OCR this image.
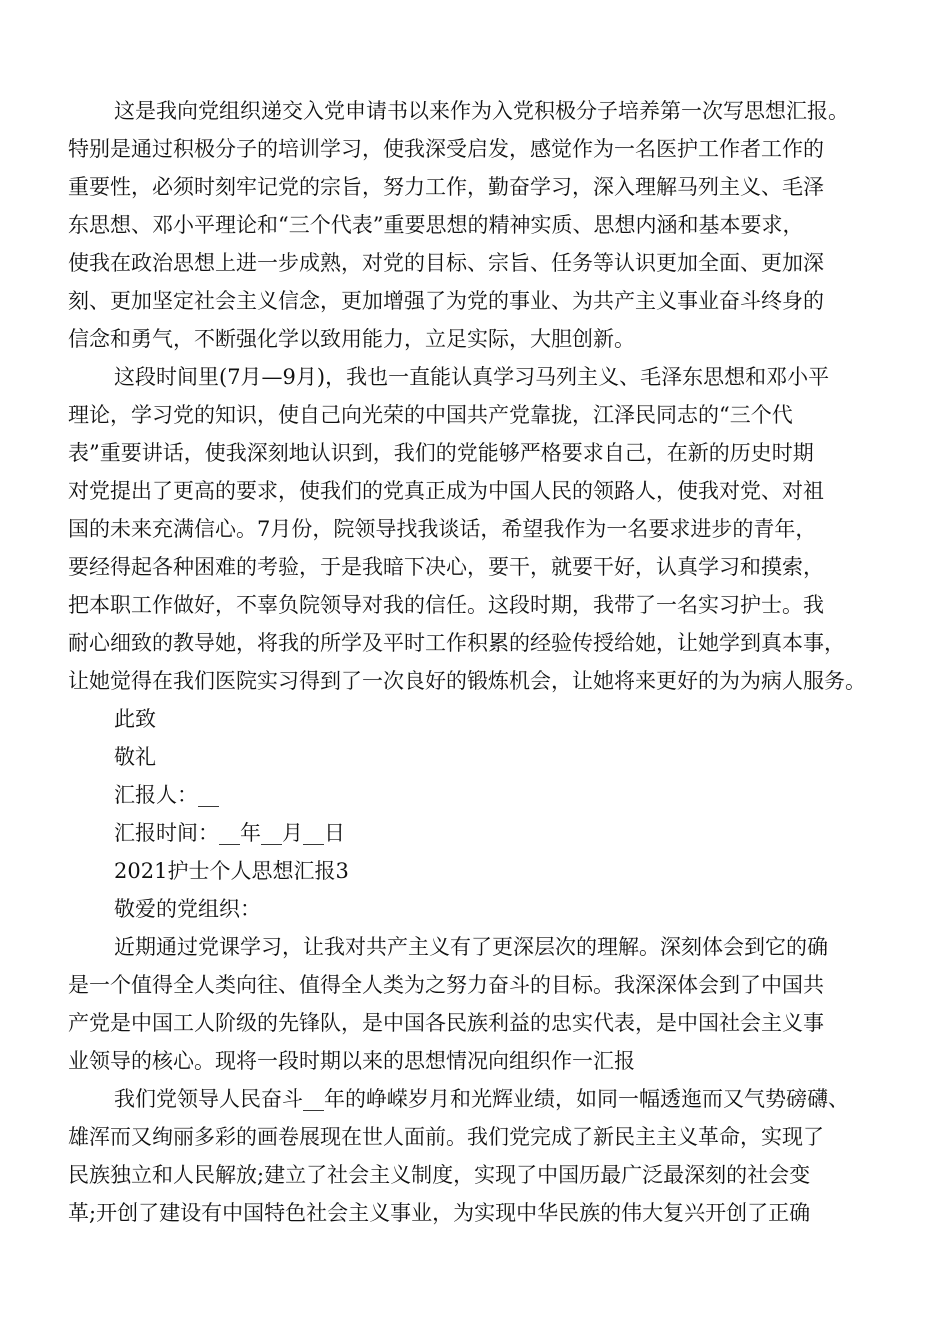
这是我向党组织递交入党申请书以来作为入党积极分子培养第一次写思想汇报。
特别是通过积极分子的培训学习，使我深受启发，感觉作为一名医护工作者工作的
重要性，必须时刻牢记党的宗旨，努力工作，勤奋学习，深入理解马列主义、毛泽
东思想、邓小平理论和“三个代表”重要思想的精神实质、思想内涵和基本要求，
使我在政治思想上进一步成熟，对党的目标、宗旨、任务等认识更加全面、更加深
刻、更加坚定社会主义信念，更加增强了为党的事业、为共产主义事业奋斗终身的
信念和勇气，不断强化学以致用能力，立足实际，大胆创新。

这段时间里(7月—9月)，我也一直能认真学习马列主义、毛泽东思想和邓小平
理论，学习党的知识，使自己向光荣的中国共产党靠拢，江泽民同志的“三个代
表”重要讲话，使我深刻地认识到，我们的党能够严格要求自己，在新的历史时期
对党提出了更高的要求，使我们的党真正成为中国人民的领路人，使我对党、对祖
国的未来充满信心。7月份，院领导找我谈话，希望我作为一名要求进步的青年，
要经得起各种困难的考验，于是我暗下决心，要干，就要干好，认真学习和摸索，
把本职工作做好，不辜负院领导对我的信任。这段时期，我带了一名实习护士。我
耐心细致的教导她，将我的所学及平时工作积累的经验传授给她，让她学到真本事，
让她觉得在我们医院实习得到了一次良好的锻炼机会，让她将来更好的为为病人服务。

此致

敬礼

汇报人：__

汇报时间：__年__月__日

2021护士个人思想汇报3

敬爱的党组织：

近期通过党课学习，让我对共产主义有了更深层次的理解。深刻体会到它的确
是一个值得全人类向往、值得全人类为之努力奋斗的目标。我深深体会到了中国共
产党是中国工人阶级的先锋队，是中国各民族利益的忠实代表，是中国社会主义事
业领导的核心。现将一段时期以来的思想情况向组织作一汇报

我们党领导人民奋斗__年的峥嵘岁月和光辉业绩，如同一幅透迤而又气势磅礴、
雄浑而又绚丽多彩的画卷展现在世人面前。我们党完成了新民主主义革命，实现了
民族独立和人民解放;建立了社会主义制度，实现了中国历最广泛最深刻的社会变
革;开创了建设有中国特色社会主义事业，为实现中华民族的伟大复兴开创了正确
